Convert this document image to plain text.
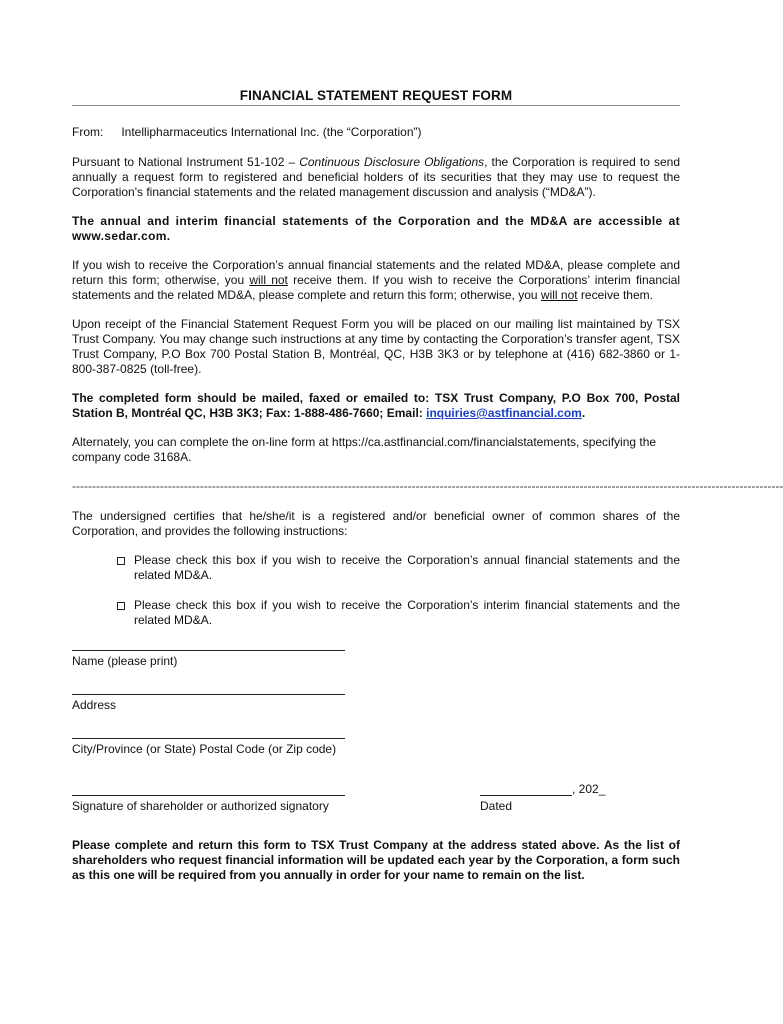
FINANCIAL STATEMENT REQUEST FORM

From: Intellipharmaceutics International Inc. (the “Corporation”)

Pursuant to National Instrument 51-102 – Continuous Disclosure Obligations, the Corporation is required to send annually a request form to registered and beneficial holders of its securities that they may use to request the Corporation's financial statements and the related management discussion and analysis (“MD&A”).

The annual and interim financial statements of the Corporation and the MD&A are accessible at www.sedar.com.

If you wish to receive the Corporation’s annual financial statements and the related MD&A, please complete and return this form; otherwise, you will not receive them. If you wish to receive the Corporations’ interim financial statements and the related MD&A, please complete and return this form; otherwise, you will not receive them.

Upon receipt of the Financial Statement Request Form you will be placed on our mailing list maintained by TSX Trust Company. You may change such instructions at any time by contacting the Corporation’s transfer agent, TSX Trust Company, P.O Box 700 Postal Station B, Montréal, QC, H3B 3K3 or by telephone at (416) 682-3860 or 1-800-387-0825 (toll-free).

The completed form should be mailed, faxed or emailed to: TSX Trust Company, P.O Box 700, Postal Station B, Montréal QC, H3B 3K3; Fax: 1-888-486-7660; Email: inquiries@astfinancial.com.

Alternately, you can complete the on-line form at https://ca.astfinancial.com/financialstatements, specifying the company code 3168A.

----------------------------------------------------------------------------------------------------------------------------------------------------------------------------------

The undersigned certifies that he/she/it is a registered and/or beneficial owner of common shares of the Corporation, and provides the following instructions:

Please check this box if you wish to receive the Corporation’s annual financial statements and the related MD&A.
Please check this box if you wish to receive the Corporation’s interim financial statements and the related MD&A.
Name (please print)
Address
City/Province (or State) Postal Code (or Zip code)
Signature of shareholder or authorized signatory
, 202_
Dated

Please complete and return this form to TSX Trust Company at the address stated above. As the list of shareholders who request financial information will be updated each year by the Corporation, a form such as this one will be required from you annually in order for your name to remain on the list.
